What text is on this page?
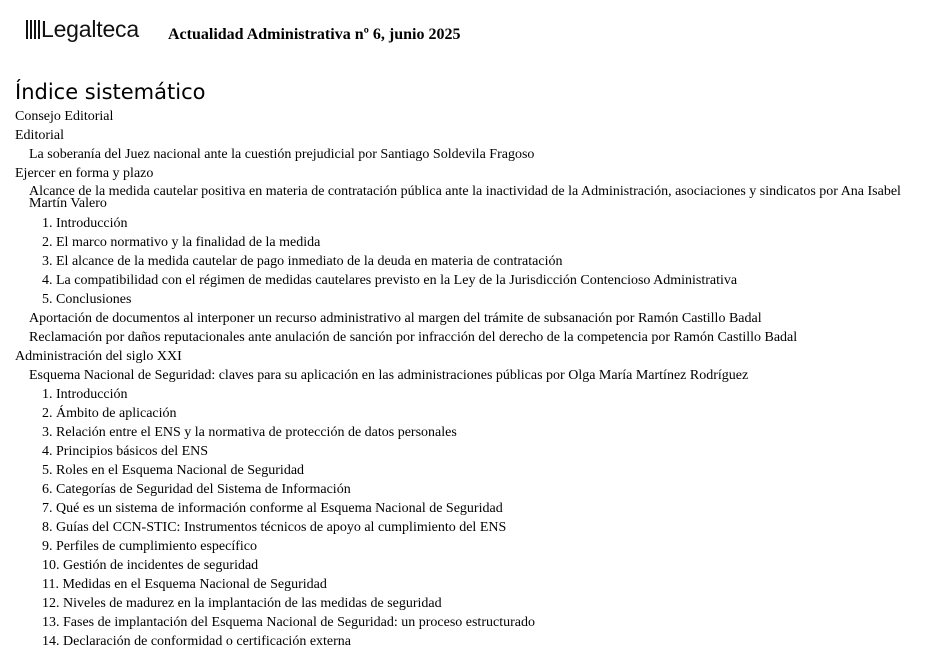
Legalteca Actualidad Administrativa nº 6, junio 2025
Índice sistemático
Consejo Editorial
Editorial
La soberanía del Juez nacional ante la cuestión prejudicial por Santiago Soldevila Fragoso
Ejercer en forma y plazo
Alcance de la medida cautelar positiva en materia de contratación pública ante la inactividad de la Administración, asociaciones y sindicatos por Ana Isabel Martín Valero
1. Introducción
2. El marco normativo y la finalidad de la medida
3. El alcance de la medida cautelar de pago inmediato de la deuda en materia de contratación
4. La compatibilidad con el régimen de medidas cautelares previsto en la Ley de la Jurisdicción Contencioso Administrativa
5. Conclusiones
Aportación de documentos al interponer un recurso administrativo al margen del trámite de subsanación por Ramón Castillo Badal
Reclamación por daños reputacionales ante anulación de sanción por infracción del derecho de la competencia por Ramón Castillo Badal
Administración del siglo XXI
Esquema Nacional de Seguridad: claves para su aplicación en las administraciones públicas por Olga María Martínez Rodríguez
1. Introducción
2. Ámbito de aplicación
3. Relación entre el ENS y la normativa de protección de datos personales
4. Principios básicos del ENS
5. Roles en el Esquema Nacional de Seguridad
6. Categorías de Seguridad del Sistema de Información
7. Qué es un sistema de información conforme al Esquema Nacional de Seguridad
8. Guías del CCN-STIC: Instrumentos técnicos de apoyo al cumplimiento del ENS
9. Perfiles de cumplimiento específico
10. Gestión de incidentes de seguridad
11. Medidas en el Esquema Nacional de Seguridad
12. Niveles de madurez en la implantación de las medidas de seguridad
13. Fases de implantación del Esquema Nacional de Seguridad: un proceso estructurado
14. Declaración de conformidad o certificación externa
